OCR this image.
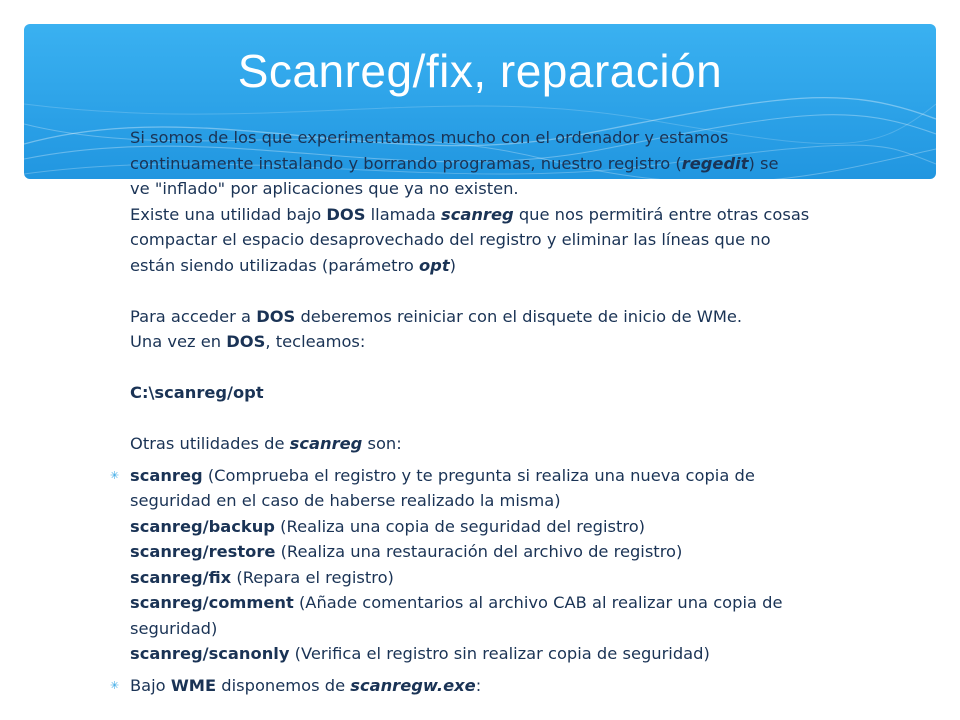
Scanreg/fix, reparación

Si somos de los que experimentamos mucho con el ordenador y estamos
continuamente instalando y borrando programas, nuestro registro (regedit) se
ve "inflado" por aplicaciones que ya no existen.
Existe una utilidad bajo DOS llamada scanreg que nos permitirá entre otras cosas
compactar el espacio desaprovechado del registro y eliminar las líneas que no
están siendo utilizadas (parámetro opt)

Para acceder a DOS deberemos reiniciar con el disquete de inicio de WMe.
Una vez en DOS, tecleamos:

C:\scanreg/opt

Otras utilidades de scanreg son:

✳ scanreg (Comprueba el registro y te pregunta si realiza una nueva copia de
seguridad en el caso de haberse realizado la misma)
scanreg/backup (Realiza una copia de seguridad del registro)
scanreg/restore (Realiza una restauración del archivo de registro)
scanreg/fix (Repara el registro)
scanreg/comment (Añade comentarios al archivo CAB al realizar una copia de
seguridad)
scanreg/scanonly (Verifica el registro sin realizar copia de seguridad)
✳ Bajo WME disponemos de scanregw.exe:
